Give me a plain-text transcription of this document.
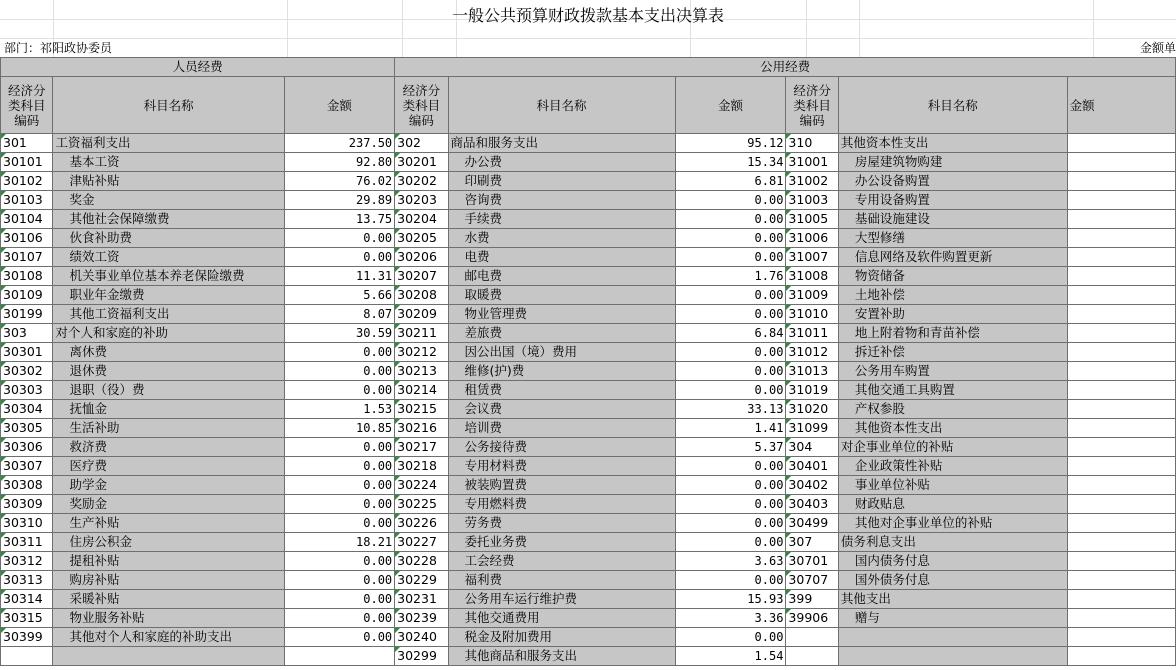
一般公共预算财政拨款基本支出决算表
部门：祁阳政协委员	金额单
人员经费			公用经费					
经济分类科目编码	科目名称	金额	经济分类科目编码	科目名称	金额	经济分类科目编码	科目名称	金额
301	工资福利支出	237.50	302	商品和服务支出	95.12	310	其他资本性支出	
30101	基本工资	92.80	30201	办公费	15.34	31001	房屋建筑物购建	
30102	津贴补贴	76.02	30202	印刷费	6.81	31002	办公设备购置	
30103	奖金	29.89	30203	咨询费	0.00	31003	专用设备购置	
30104	其他社会保障缴费	13.75	30204	手续费	0.00	31005	基础设施建设	
30106	伙食补助费	0.00	30205	水费	0.00	31006	大型修缮	
30107	绩效工资	0.00	30206	电费	0.00	31007	信息网络及软件购置更新	
30108	机关事业单位基本养老保险缴费	11.31	30207	邮电费	1.76	31008	物资储备	
30109	职业年金缴费	5.66	30208	取暖费	0.00	31009	土地补偿	
30199	其他工资福利支出	8.07	30209	物业管理费	0.00	31010	安置补助	
303	对个人和家庭的补助	30.59	30211	差旅费	6.84	31011	地上附着物和青苗补偿	
30301	离休费	0.00	30212	因公出国（境）费用	0.00	31012	拆迁补偿	
30302	退休费	0.00	30213	维修(护)费	0.00	31013	公务用车购置	
30303	退职（役）费	0.00	30214	租赁费	0.00	31019	其他交通工具购置	
30304	抚恤金	1.53	30215	会议费	33.13	31020	产权参股	
30305	生活补助	10.85	30216	培训费	1.41	31099	其他资本性支出	
30306	救济费	0.00	30217	公务接待费	5.37	304	对企事业单位的补贴	
30307	医疗费	0.00	30218	专用材料费	0.00	30401	企业政策性补贴	
30308	助学金	0.00	30224	被装购置费	0.00	30402	事业单位补贴	
30309	奖励金	0.00	30225	专用燃料费	0.00	30403	财政贴息	
30310	生产补贴	0.00	30226	劳务费	0.00	30499	其他对企事业单位的补贴	
30311	住房公积金	18.21	30227	委托业务费	0.00	307	债务利息支出	
30312	提租补贴	0.00	30228	工会经费	3.63	30701	国内债务付息	
30313	购房补贴	0.00	30229	福利费	0.00	30707	国外债务付息	
30314	采暖补贴	0.00	30231	公务用车运行维护费	15.93	399	其他支出	
30315	物业服务补贴	0.00	30239	其他交通费用	3.36	39906	赠与	
30399	其他对个人和家庭的补助支出	0.00	30240	税金及附加费用	0.00			
			30299	其他商品和服务支出	1.54			
